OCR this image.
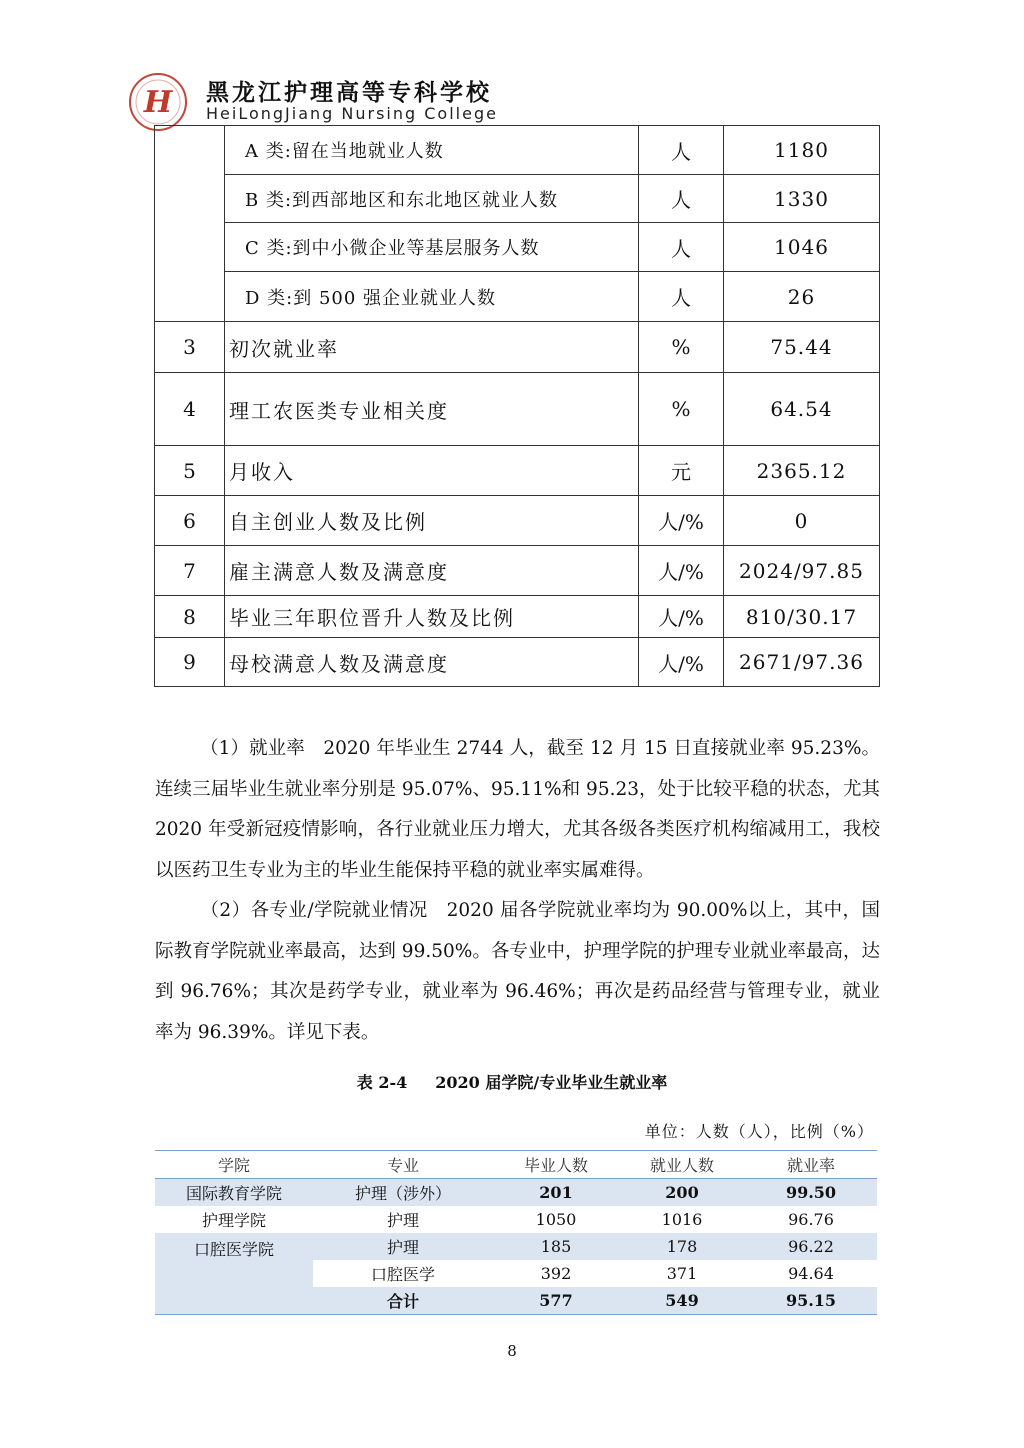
H 黑龙江护理高等专科学校
HeiLongJiang Nursing College
	A 类:留在当地就业人数	人	1180
	B 类:到西部地区和东北地区就业人数	人	1330
	C 类:到中小微企业等基层服务人数	人	1046
	D 类:到 500 强企业就业人数	人	26
3	初次就业率	%	75.44
4	理工农医类专业相关度	%	64.54
5	月收入	元	2365.12
6	自主创业人数及比例	人/%	0
7	雇主满意人数及满意度	人/%	2024/97.85
8	毕业三年职位晋升人数及比例	人/%	810/30.17
9	母校满意人数及满意度	人/%	2671/97.36
（1）就业率　2020 年毕业生 2744 人，截至 12 月 15 日直接就业率 95.23%。连续三届毕业生就业率分别是 95.07%、95.11%和 95.23，处于比较平稳的状态，尤其 2020 年受新冠疫情影响，各行业就业压力增大，尤其各级各类医疗机构缩减用工，我校以医药卫生专业为主的毕业生能保持平稳的就业率实属难得。
（2）各专业/学院就业情况　2020 届各学院就业率均为 90.00%以上，其中，国际教育学院就业率最高，达到 99.50%。各专业中，护理学院的护理专业就业率最高，达到 96.76%；其次是药学专业，就业率为 96.46%；再次是药品经营与管理专业，就业率为 96.39%。详见下表。
表 2-4 2020 届学院/专业毕业生就业率
单位：人数（人），比例（%）
学院	专业	毕业人数	就业人数	就业率
国际教育学院	护理（涉外）	201	200	99.50
护理学院	护理	1050	1016	96.76
口腔医学院	护理	185	178	96.22
	口腔医学	392	371	94.64
	合计	577	549	95.15
8
